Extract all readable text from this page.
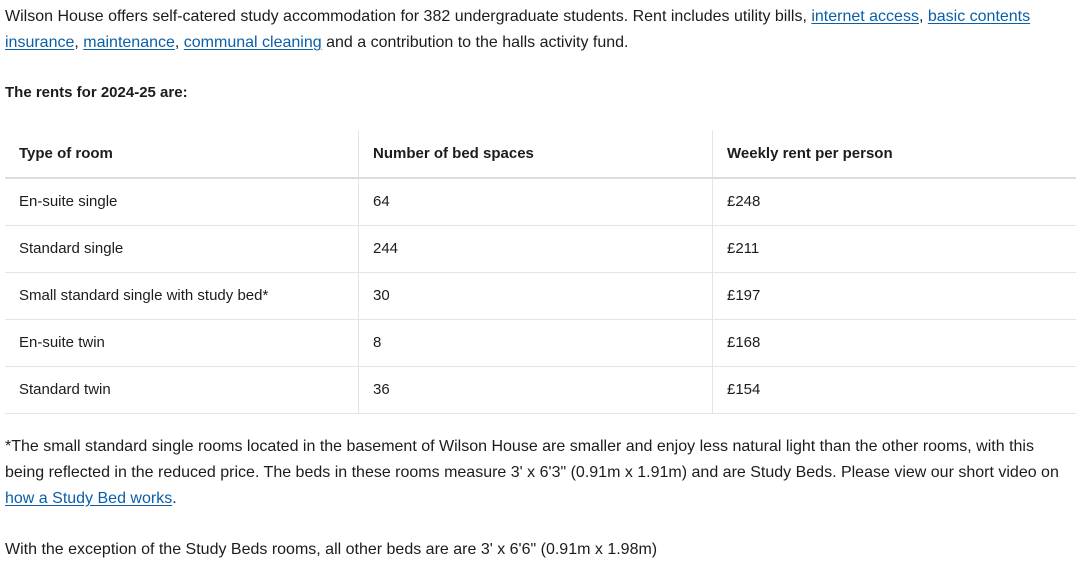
Wilson House offers self-catered study accommodation for 382 undergraduate students. Rent includes utility bills, internet access, basic contents insurance, maintenance, communal cleaning and a contribution to the halls activity fund.

The rents for 2024-25 are:

Type of room	Number of bed spaces	Weekly rent per person
En-suite single	64	£248
Standard single	244	£211
Small standard single with study bed*	30	£197
En-suite twin	8	£168
Standard twin	36	£154

*The small standard single rooms located in the basement of Wilson House are smaller and enjoy less natural light than the other rooms, with this being reflected in the reduced price. The beds in these rooms measure 3' x 6'3" (0.91m x 1.91m) and are Study Beds. Please view our short video on how a Study Bed works.

With the exception of the Study Beds rooms, all other beds are are 3' x 6'6" (0.91m x 1.98m)
